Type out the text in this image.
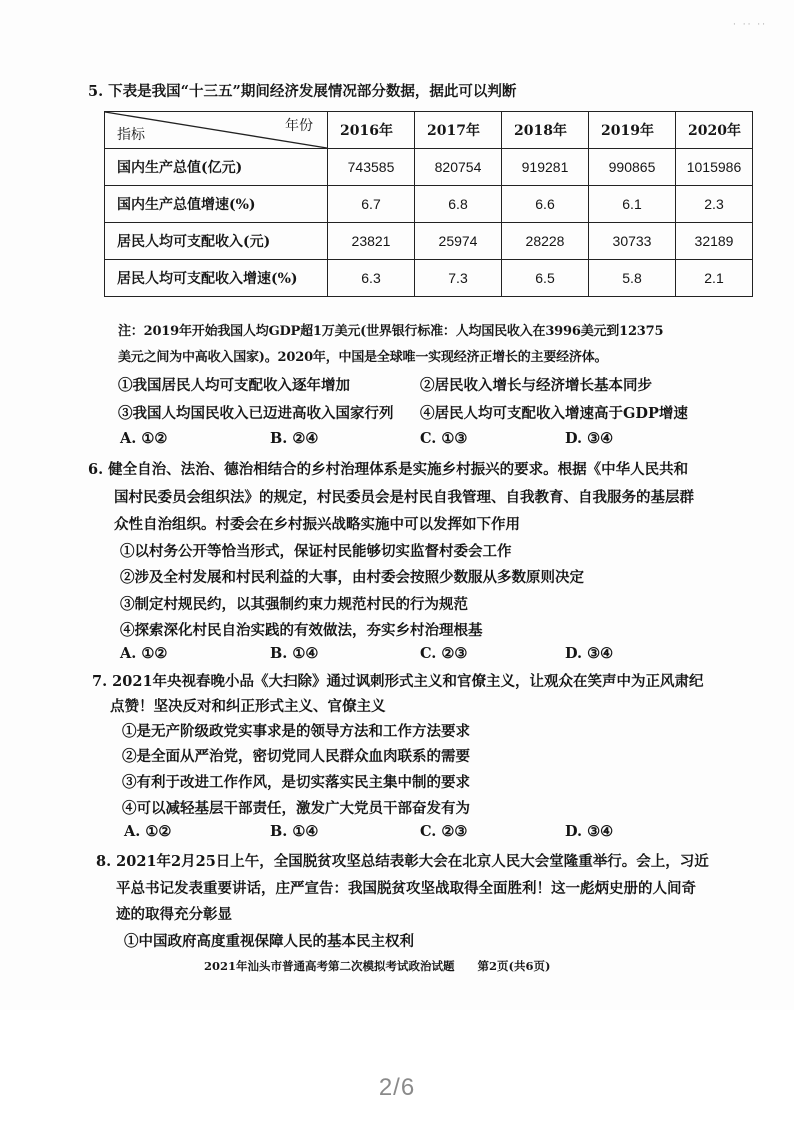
· ·· ··
5. 下表是我国“十三五”期间经济发展情况部分数据，据此可以判断
指标
年份	2016年	2017年	2018年	2019年	2020年
国内生产总值(亿元)	743585	820754	919281	990865	1015986
国内生产总值增速(%)	6.7	6.8	6.6	6.1	2.3
居民人均可支配收入(元)	23821	25974	28228	30733	32189
居民人均可支配收入增速(%)	6.3	7.3	6.5	5.8	2.1
注：2019年开始我国人均GDP超1万美元(世界银行标准：人均国民收入在3996美元到12375
美元之间为中高收入国家)。2020年，中国是全球唯一实现经济正增长的主要经济体。
①我国居民人均可支配收入逐年增加	②居民收入增长与经济增长基本同步
③我国人均国民收入已迈进高收入国家行列 ④居民人均可支配收入增速高于GDP增速
A. ①②	B. ②④	C. ①③	D. ③④
6. 健全自治、法治、德治相结合的乡村治理体系是实施乡村振兴的要求。根据《中华人民共和
国村民委员会组织法》的规定，村民委员会是村民自我管理、自我教育、自我服务的基层群
众性自治组织。村委会在乡村振兴战略实施中可以发挥如下作用
①以村务公开等恰当形式，保证村民能够切实监督村委会工作
②涉及全村发展和村民利益的大事，由村委会按照少数服从多数原则决定
③制定村规民约，以其强制约束力规范村民的行为规范
④探索深化村民自治实践的有效做法，夯实乡村治理根基
A. ①②	B. ①④	C. ②③	D. ③④
7. 2021年央视春晚小品《大扫除》通过讽刺形式主义和官僚主义，让观众在笑声中为正风肃纪
点赞！坚决反对和纠正形式主义、官僚主义
①是无产阶级政党实事求是的领导方法和工作方法要求
②是全面从严治党，密切党同人民群众血肉联系的需要
③有利于改进工作作风，是切实落实民主集中制的要求
④可以减轻基层干部责任，激发广大党员干部奋发有为
A. ①②	B. ①④	C. ②③	D. ③④
8. 2021年2月25日上午，全国脱贫攻坚总结表彰大会在北京人民大会堂隆重举行。会上，习近
平总书记发表重要讲话，庄严宣告：我国脱贫攻坚战取得全面胜利！这一彪炳史册的人间奇
迹的取得充分彰显
①中国政府高度重视保障人民的基本民主权利
2021年汕头市普通高考第二次模拟考试政治试题　　第2页(共6页)
2/6
